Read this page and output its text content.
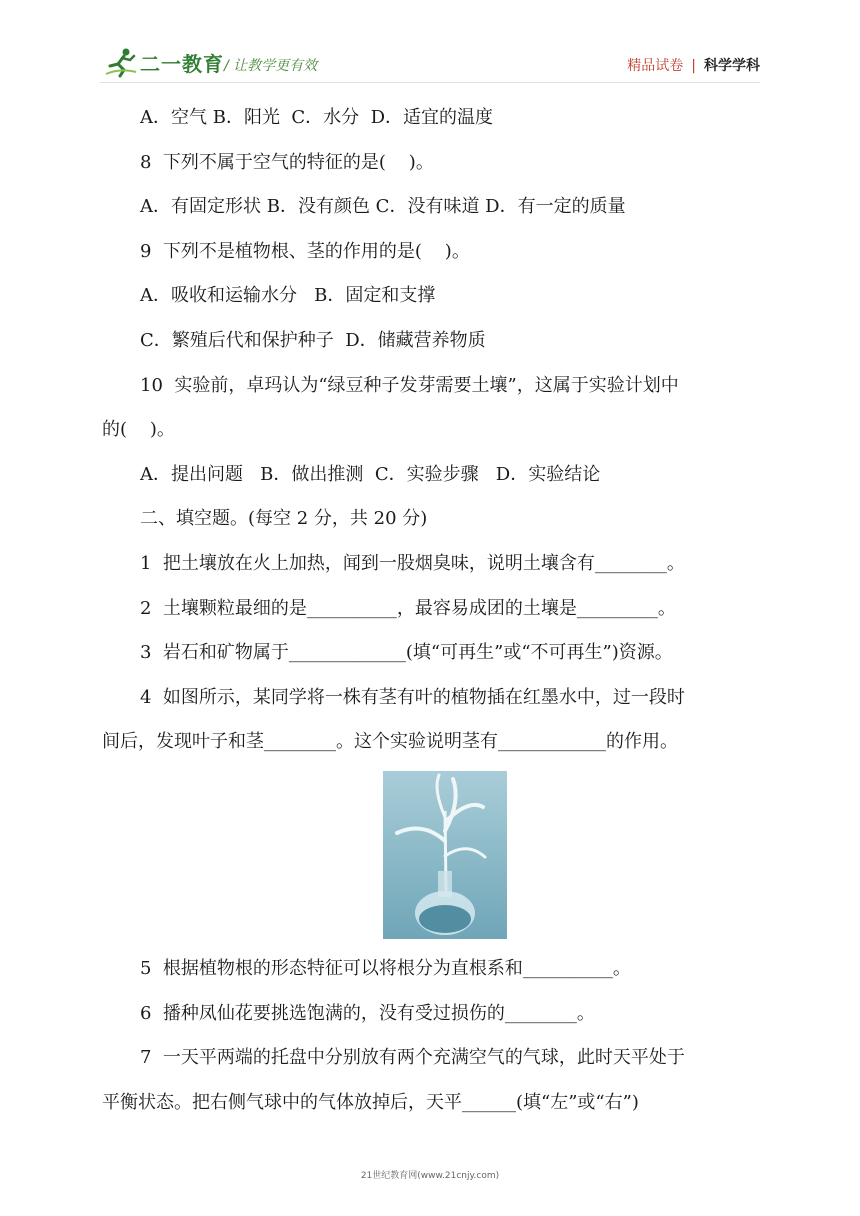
二一教育 / 让教学更有效	精品试卷 | 科学学科
A．空气 B．阳光  C．水分  D．适宜的温度
8  下列不属于空气的特征的是(    )。
A．有固定形状 B．没有颜色 C．没有味道 D．有一定的质量
9  下列不是植物根、茎的作用的是(    )。
A．吸收和运输水分   B．固定和支撑
C．繁殖后代和保护种子  D．储藏营养物质
10  实验前，卓玛认为“绿豆种子发芽需要土壤”，这属于实验计划中
的(    )。
A．提出问题   B．做出推测  C．实验步骤   D．实验结论
二、填空题。(每空 2 分，共 20 分)
1  把土壤放在火上加热，闻到一股烟臭味，说明土壤含有________。
2  土壤颗粒最细的是__________，最容易成团的土壤是_________。
3  岩石和矿物属于_____________(填“可再生”或“不可再生”)资源。
4  如图所示，某同学将一株有茎有叶的植物插在红墨水中，过一段时
间后，发现叶子和茎________。这个实验说明茎有____________的作用。
5  根据植物根的形态特征可以将根分为直根系和__________。
6  播种凤仙花要挑选饱满的，没有受过损伤的________。
7  一天平两端的托盘中分别放有两个充满空气的气球，此时天平处于
平衡状态。把右侧气球中的气体放掉后，天平______(填“左”或“右”)
21世纪教育网(www.21cnjy.com)
